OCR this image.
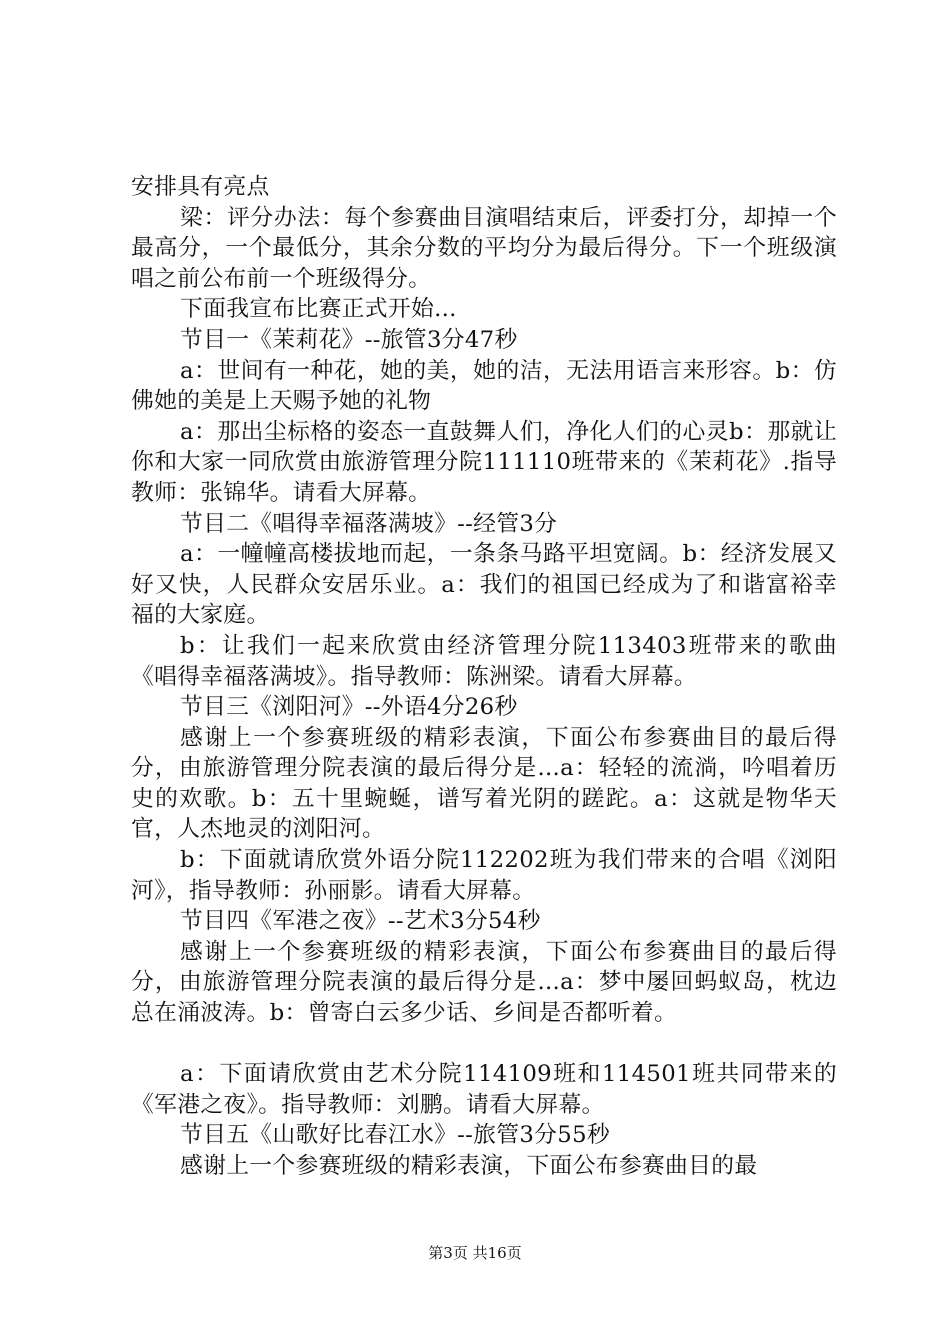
安排具有亮点

梁：评分办法：每个参赛曲目演唱结束后，评委打分，却掉一个最高分，一个最低分，其余分数的平均分为最后得分。下一个班级演唱之前公布前一个班级得分。

下面我宣布比赛正式开始...

节目一《茉莉花》--旅管3分47秒

a：世间有一种花，她的美，她的洁，无法用语言来形容。b：仿佛她的美是上天赐予她的礼物

a：那出尘标格的姿态一直鼓舞人们，净化人们的心灵b：那就让你和大家一同欣赏由旅游管理分院111110班带来的《茉莉花》.指导教师：张锦华。请看大屏幕。

节目二《唱得幸福落满坡》--经管3分

a：一幢幢高楼拔地而起，一条条马路平坦宽阔。b：经济发展又好又快，人民群众安居乐业。a：我们的祖国已经成为了和谐富裕幸福的大家庭。

b：让我们一起来欣赏由经济管理分院113403班带来的歌曲《唱得幸福落满坡》。指导教师：陈洲梁。请看大屏幕。

节目三《浏阳河》--外语4分26秒

感谢上一个参赛班级的精彩表演，下面公布参赛曲目的最后得分，由旅游管理分院表演的最后得分是...a：轻轻的流淌，吟唱着历史的欢歌。b：五十里蜿蜒，谱写着光阴的蹉跎。a：这就是物华天官，人杰地灵的浏阳河。

b：下面就请欣赏外语分院112202班为我们带来的合唱《浏阳河》，指导教师：孙丽影。请看大屏幕。

节目四《军港之夜》--艺术3分54秒

感谢上一个参赛班级的精彩表演，下面公布参赛曲目的最后得分，由旅游管理分院表演的最后得分是...a：梦中屡回蚂蚁岛，枕边总在涌波涛。b：曾寄白云多少话、乡间是否都听着。

a：下面请欣赏由艺术分院114109班和114501班共同带来的《军港之夜》。指导教师：刘鹏。请看大屏幕。

节目五《山歌好比春江水》--旅管3分55秒

感谢上一个参赛班级的精彩表演，下面公布参赛曲目的最

第3页 共16页
